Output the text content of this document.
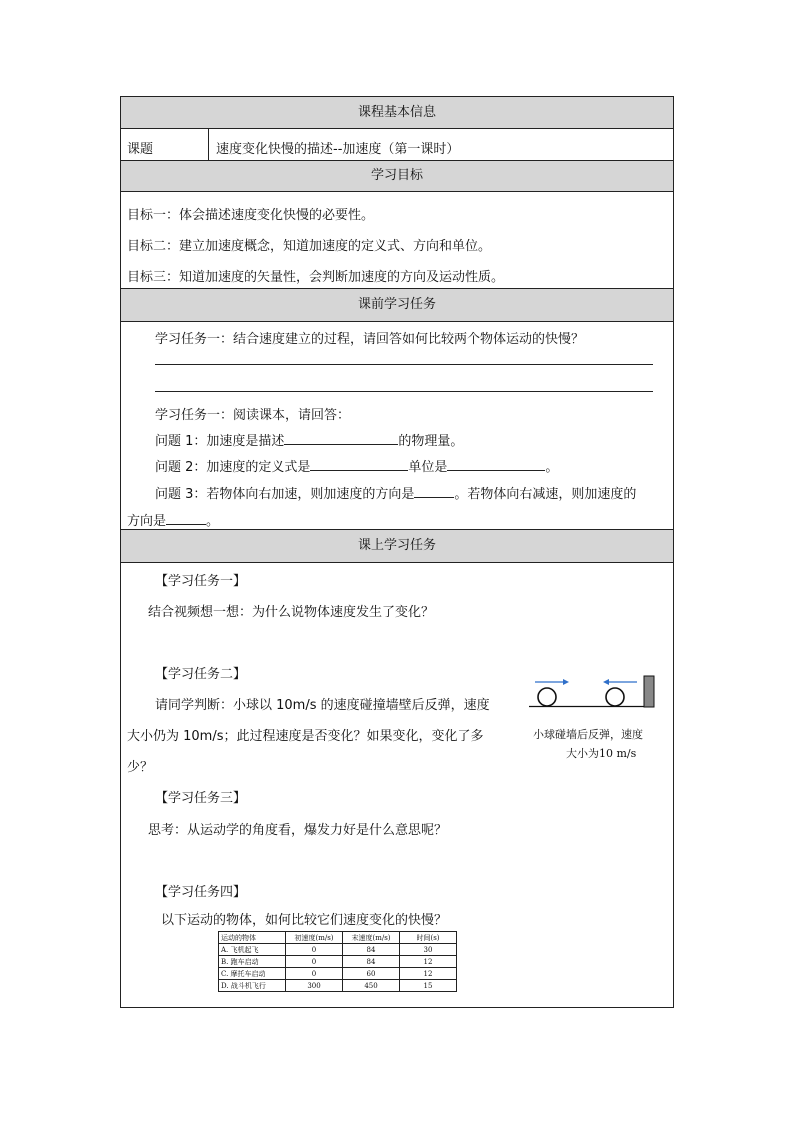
课程基本信息
课题	速度变化快慢的描述--加速度（第一课时）
学习目标
目标一：体会描述速度变化快慢的必要性。
目标二：建立加速度概念，知道加速度的定义式、方向和单位。
目标三：知道加速度的矢量性，会判断加速度的方向及运动性质。
课前学习任务
学习任务一：结合速度建立的过程，请回答如何比较两个物体运动的快慢？
学习任务一：阅读课本，请回答：
问题 1：加速度是描述	的物理量。
问题 2：加速度的定义式是	单位是	。
问题 3：若物体向右加速，则加速度的方向是	。若物体向右减速，则加速度的
方向是	。
课上学习任务
【学习任务一】
结合视频想一想：为什么说物体速度发生了变化？
【学习任务二】
请同学判断：小球以 10m/s 的速度碰撞墙壁后反弹，速度
大小仍为 10m/s；此过程速度是否变化？如果变化，变化了多
少？
小球碰墙后反弹，速度
大小为10 m/s
【学习任务三】
思考：从运动学的角度看，爆发力好是什么意思呢？
【学习任务四】
以下运动的物体，如何比较它们速度变化的快慢？
运动的物体	初速度(m/s)	末速度(m/s)	时间(s)
A. 飞机起飞	0	84	30
B. 跑车启动	0	84	12
C. 摩托车启动	0	60	12
D. 战斗机飞行	300	450	15
